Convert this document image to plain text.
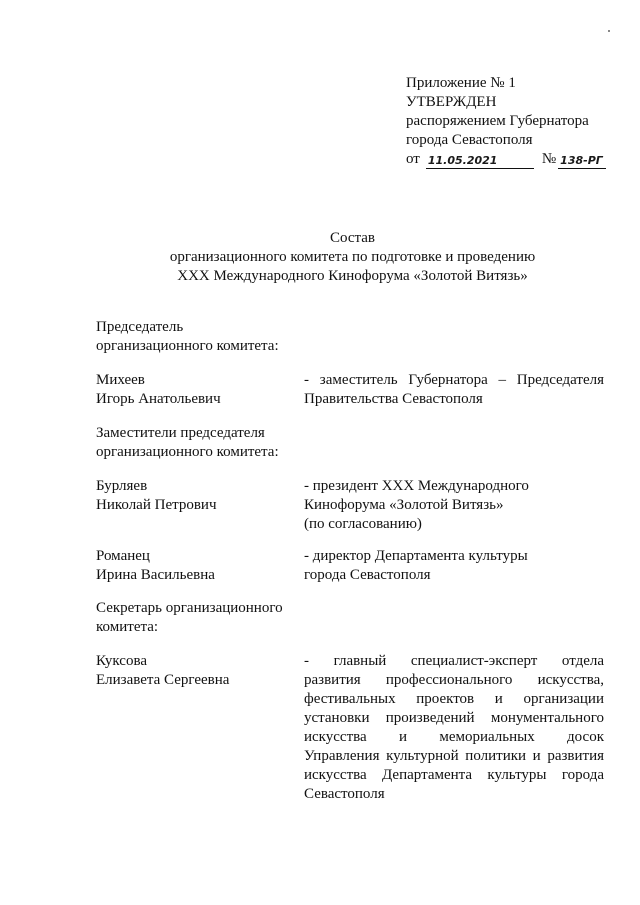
Приложение № 1
УТВЕРЖДЕН
распоряжением Губернатора
города Севастополя
от 11.05.2021	№ 138-РГ
Состав
организационного комитета по подготовке и проведению
XXX Международного Кинофорума «Золотой Витязь»
Председатель
организационного комитета:
Михеев
Игорь Анатольевич
- заместитель Губернатора – Председателя
Правительства Севастополя
Заместители председателя
организационного комитета:
Бурляев
Николай Петрович
- президент XXX Международного
Кинофорума «Золотой Витязь»
(по согласованию)
Романец
Ирина Васильевна
- директор Департамента культуры
города Севастополя
Секретарь организационного
комитета:
Куксова
Елизавета Сергеевна
- главный специалист-эксперт отдела
развития профессионального искусства,
фестивальных проектов и организации
установки произведений монументального
искусства и мемориальных досок
Управления культурной политики и развития
искусства Департамента культуры города
Севастополя
